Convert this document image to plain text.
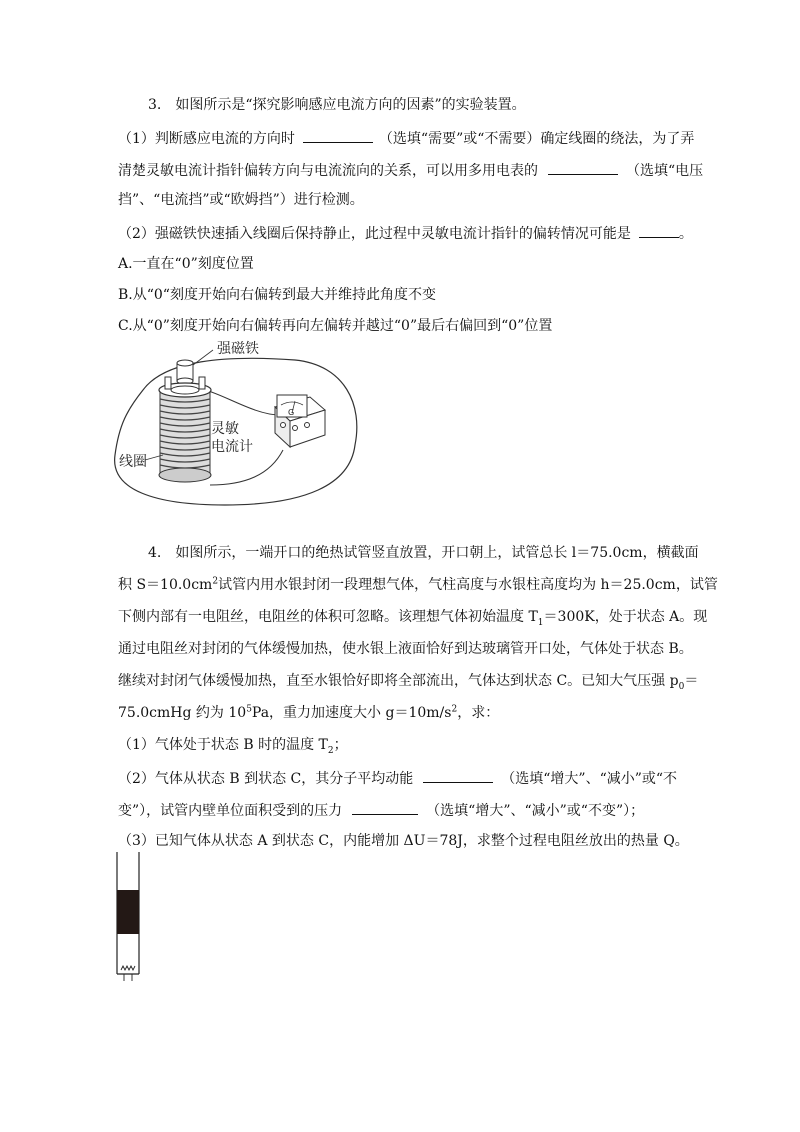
3.　如图所示是“探究影响感应电流方向的因素”的实验装置。
（1）判断感应电流的方向时	（选填“需要”或“不需要）确定线圈的绕法，为了弄
清楚灵敏电流计指针偏转方向与电流流向的关系，可以用多用电表的	（选填“电压
挡”、“电流挡”或“欧姆挡”）进行检测。
（2）强磁铁快速插入线圈后保持静止，此过程中灵敏电流计指针的偏转情况可能是	。
A.一直在“0”刻度位置
B.从“0“刻度开始向右偏转到最大并维持此角度不变
C.从“0”刻度开始向右偏转再向左偏转并越过“0”最后右偏回到“0”位置
G
强磁铁
灵敏
电流计
线圈
4.　如图所示，一端开口的绝热试管竖直放置，开口朝上，试管总长 l＝75.0cm，横截面
积 $S=10.0cm^2$试管内用水银封闭一段理想气体，气柱高度与水银柱高度均为 h＝25.0cm，试管
下侧内部有一电阻丝，电阻丝的体积可忽略。该理想气体初始温度 $T_1=300K$，处于状态 A。现
通过电阻丝对封闭的气体缓慢加热，使水银上液面恰好到达玻璃管开口处，气体处于状态 B。
继续对封闭气体缓慢加热，直至水银恰好即将全部流出，气体达到状态 C。已知大气压强 $p_0=$
75.0cmHg 约为 $10^5Pa$，重力加速度大小 $g=10m/s^2$，求：
（1）气体处于状态 B 时的温度 $T_2$；
（2）气体从状态 B 到状态 C，其分子平均动能	（选填“增大”、“减小”或“不
变”），试管内壁单位面积受到的压力	（选填“增大”、“减小”或“不变”）；
（3）已知气体从状态 A 到状态 C，内能增加 ΔU＝78J，求整个过程电阻丝放出的热量 Q。
